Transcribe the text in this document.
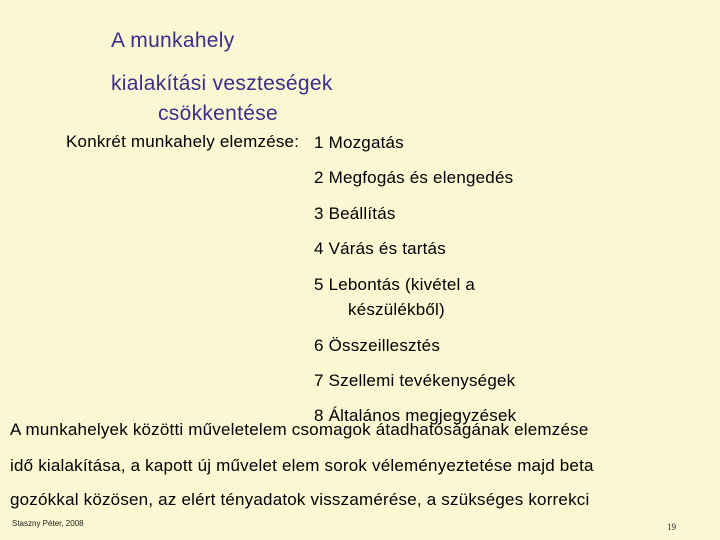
A munkahely
kialakítási veszteségek
csökkentése
Konkrét munkahely elemzése: 1 Mozgatás
2 Megfogás és elengedés
3 Beállítás
4 Várás és tartás
5 Lebontás (kivétel a
készülékből)
6 Összeillesztés
7 Szellemi tevékenységek
8 Általános megjegyzések
A munkahelyek közötti műveletelem csomagok átadhatóságának elemzése
idő kialakítása, a kapott új művelet elem sorok véleményeztetése majd beta
gozókkal közösen, az elért tényadatok visszamérése, a szükséges korrekci
Staszny Péter, 2008	19
